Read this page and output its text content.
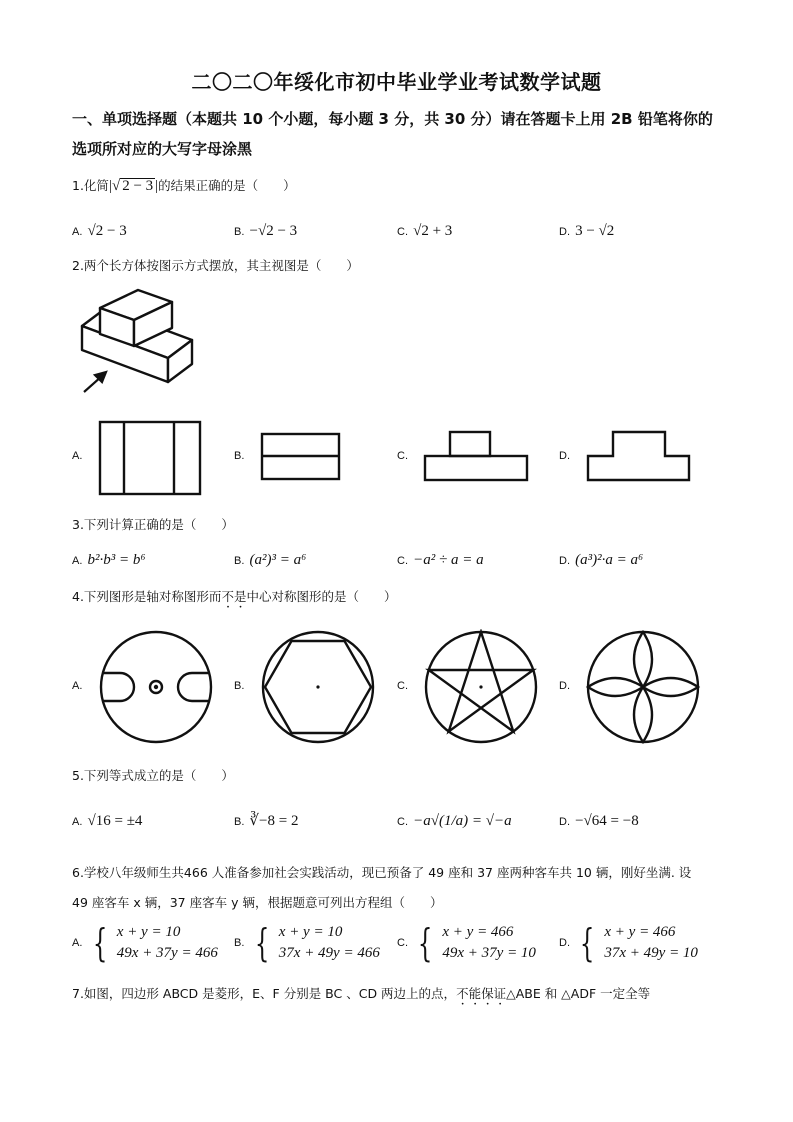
二〇二〇年绥化市初中毕业学业考试数学试题
一、单项选择题（本题共 10 个小题，每小题 3 分，共 30 分）请在答题卡上用 2B 铅笔将你的
选项所对应的大写字母涂黑
1.化简|√ 2 − 3 |的结果正确的是（　　）
A. √2 − 3	B. −√2 − 3	C. √2 + 3	D. 3 − √2
2.两个长方体按图示方式摆放，其主视图是（　　）
A.	B.	C.	D.
3.下列计算正确的是（　　）
A. b²·b³ = b⁶	B. (a²)³ = a⁶	C. −a² ÷ a = a	D. (a³)²·a = a⁶
4.下列图形是轴对称图形而不是中心对称图形的是（　　）
A.	B.	C.	D.
5.下列等式成立的是（　　）
A. √16 = ±4	B. ∛−8 = 2	C. −a√(1/a) = √−a	D. −√64 = −8
6.学校八年级师生共466 人准备参加社会实践活动，现已预备了 49 座和 37 座两种客车共 10 辆，刚好坐满. 设
49 座客车 x 辆，37 座客车 y 辆，根据题意可列出方程组（　　）
A. { x + y = 10
49x + 37y = 466
B. { x + y = 10
37x + 49y = 466
C. { x + y = 466
49x + 37y = 10
D. { x + y = 466
37x + 49y = 10
7.如图，四边形 ABCD 是菱形，E、F 分别是 BC 、CD 两边上的点，不能保证△ABE 和 △ADF 一定全等
